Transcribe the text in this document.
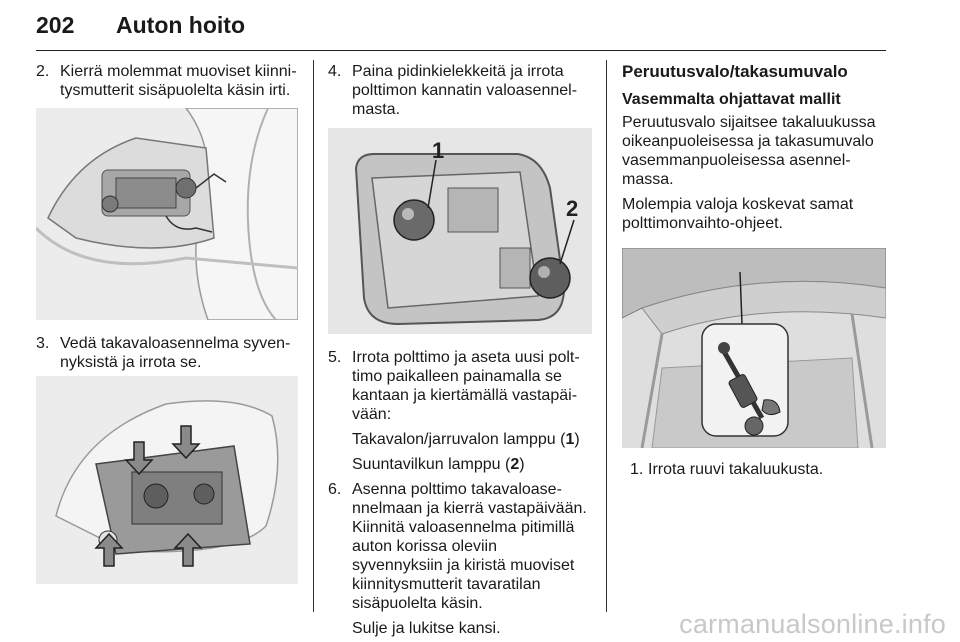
202 Auton hoito
2. Kierrä molemmat muoviset kiinnitysmutterit sisäpuolelta käsin irti.
3. Vedä takavaloasennelma syvennyksistä ja irrota se.
4. Paina pidinkielekkeitä ja irrota polttimon kannatin valoasennelmasta.
1
2
5. Irrota polttimo ja aseta uusi polttimo paikalleen painamalla se kantaan ja kiertämällä vastapäivään:

Takavalon/jarruvalon lamppu (1)

Suuntavilkun lamppu (2)

6. Asenna polttimo takavaloasennelmaan ja kierrä vastapäivään. Kiinnitä valoasennelma pitimillä auton korissa oleviin syvennyksiin ja kiristä muoviset kiinnitysmutterit tavaratilan sisäpuolelta käsin.

Sulje ja lukitse kansi.

Peruutusvalo/takasumuvalo
Vasemmalta ohjattavat mallit

Peruutusvalo sijaitsee takaluukussa oikeanpuoleisessa ja takasumuvalo vasemmanpuoleisessa asennelmassa.

Molempia valoja koskevat samat polttimonvaihto-ohjeet.

1. Irrota ruuvi takaluukusta.
carmanualsonline.info
